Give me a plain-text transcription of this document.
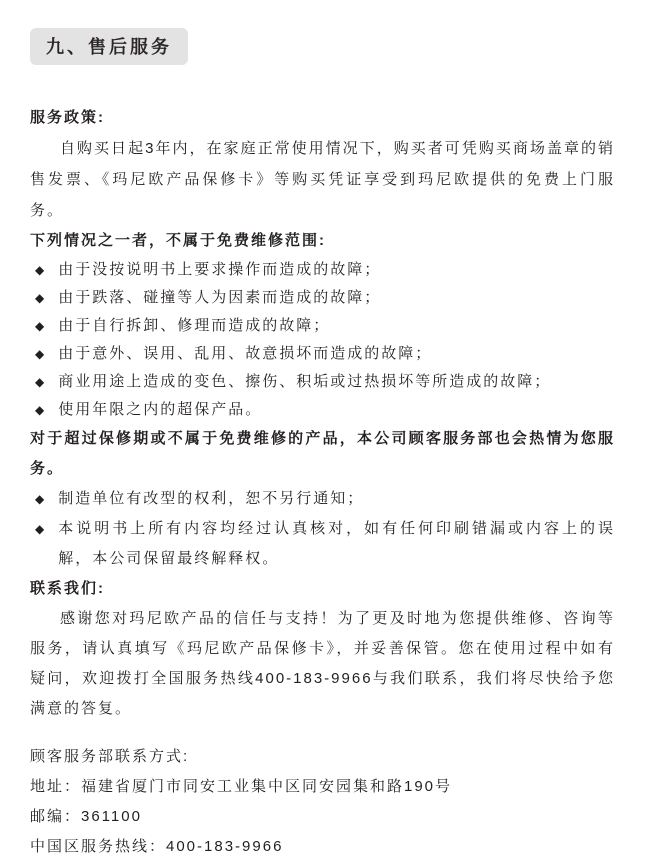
九、售后服务
服务政策:
自购买日起3年内，在家庭正常使用情况下，购买者可凭购买商场盖章的销售发票、《玛尼欧产品保修卡》等购买凭证享受到玛尼欧提供的免费上门服务。
下列情况之一者，不属于免费维修范围:
◆ 由于没按说明书上要求操作而造成的故障；
◆ 由于跌落、碰撞等人为因素而造成的故障；
◆ 由于自行拆卸、修理而造成的故障；
◆ 由于意外、误用、乱用、故意损坏而造成的故障；
◆ 商业用途上造成的变色、擦伤、积垢或过热损坏等所造成的故障；
◆ 使用年限之内的超保产品。
对于超过保修期或不属于免费维修的产品，本公司顾客服务部也会热情为您服务。
◆ 制造单位有改型的权利，恕不另行通知；
◆ 本说明书上所有内容均经过认真核对，如有任何印刷错漏或内容上的误解，本公司保留最终解释权。
联系我们:
感谢您对玛尼欧产品的信任与支持！为了更及时地为您提供维修、咨询等服务，请认真填写《玛尼欧产品保修卡》，并妥善保管。您在使用过程中如有疑问，欢迎拨打全国服务热线400-183-9966与我们联系，我们将尽快给予您满意的答复。
顾客服务部联系方式:
地址：福建省厦门市同安工业集中区同安园集和路190号
邮编：361100
中国区服务热线：400-183-9966
